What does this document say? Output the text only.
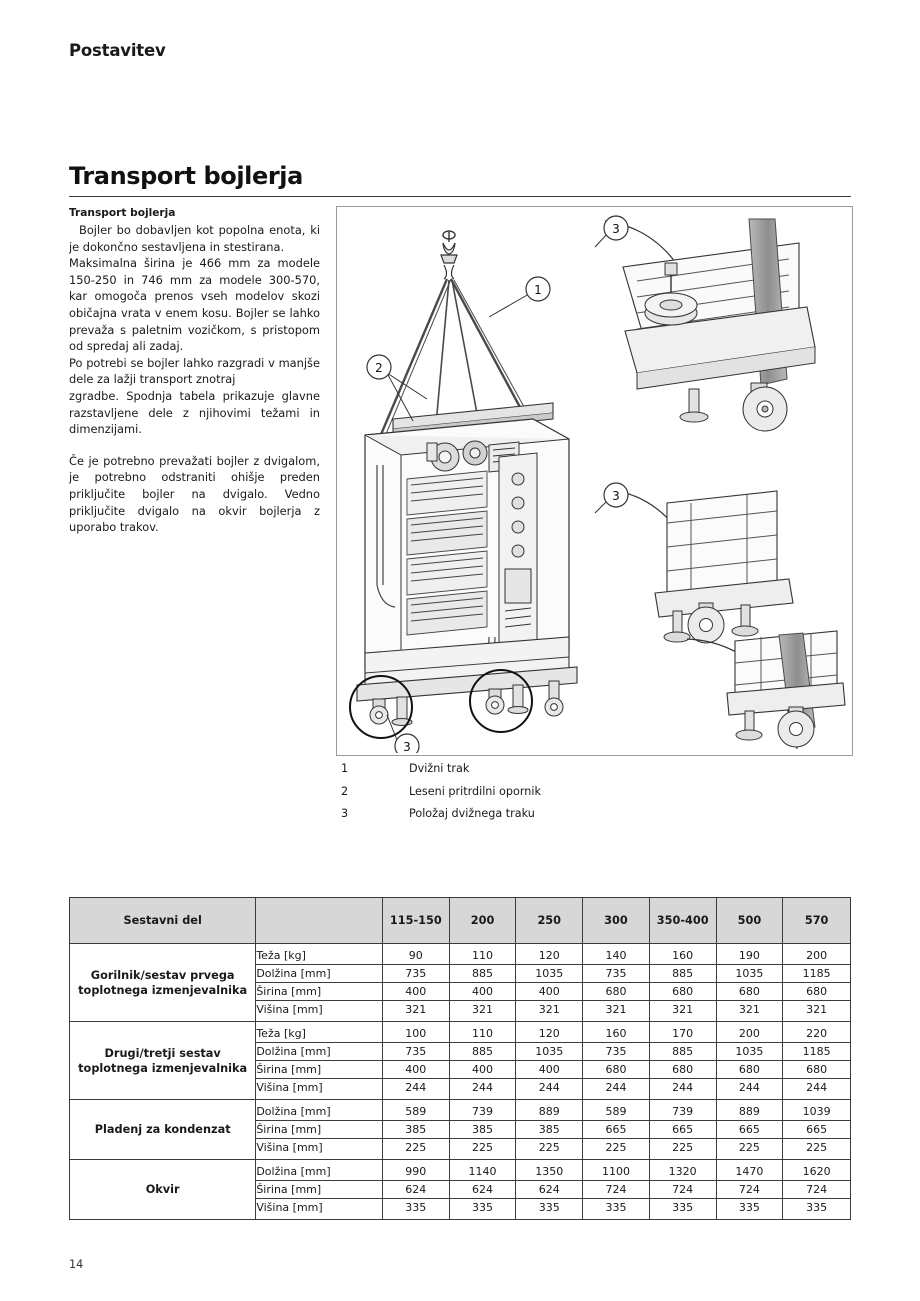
Postavitev
Transport bojlerja

Transport bojlerja

Bojler bo dobavljen kot popolna enota, ki je dokončno sestavljena in stestirana.

Maksimalna širina je 466 mm za modele 150-250 in 746 mm za modele 300-570, kar omogoča prenos vseh modelov skozi običajna vrata v enem kosu. Bojler se lahko prevaža s paletnim vozičkom, s pristopom od spredaj ali zadaj.

Po potrebi se bojler lahko razgradi v manjše dele za lažji transport znotraj

zgradbe. Spodnja tabela prikazuje glavne razstavljene dele z njihovimi težami in dimenzijami.

Če je potrebno prevažati bojler z dvigalom, je potrebno odstraniti ohišje preden priključite bojler na dvigalo. Vedno priključite dvigalo na okvir bojlerja z uporabo trakov.

1
2
3
3
3
1	Dvižni trak
2	Leseni pritrdilni opornik
3	Položaj dvižnega traku
Sestavni del		115-150	200	250	300	350-400	500	570
Gorilnik/sestav prvega toplotnega izmenjevalnika	Teža [kg]	90	110	120	140	160	190	200
	Dolžina [mm]	735	885	1035	735	885	1035	1185
	Širina [mm]	400	400	400	680	680	680	680
	Višina [mm]	321	321	321	321	321	321	321
Drugi/tretji sestav toplotnega izmenjevalnika	Teža [kg]	100	110	120	160	170	200	220
	Dolžina [mm]	735	885	1035	735	885	1035	1185
	Širina [mm]	400	400	400	680	680	680	680
	Višina [mm]	244	244	244	244	244	244	244
Pladenj za kondenzat	Dolžina [mm]	589	739	889	589	739	889	1039
	Širina [mm]	385	385	385	665	665	665	665
	Višina [mm]	225	225	225	225	225	225	225
Okvir	Dolžina [mm]	990	1140	1350	1100	1320	1470	1620
	Širina [mm]	624	624	624	724	724	724	724
	Višina [mm]	335	335	335	335	335	335	335
14
